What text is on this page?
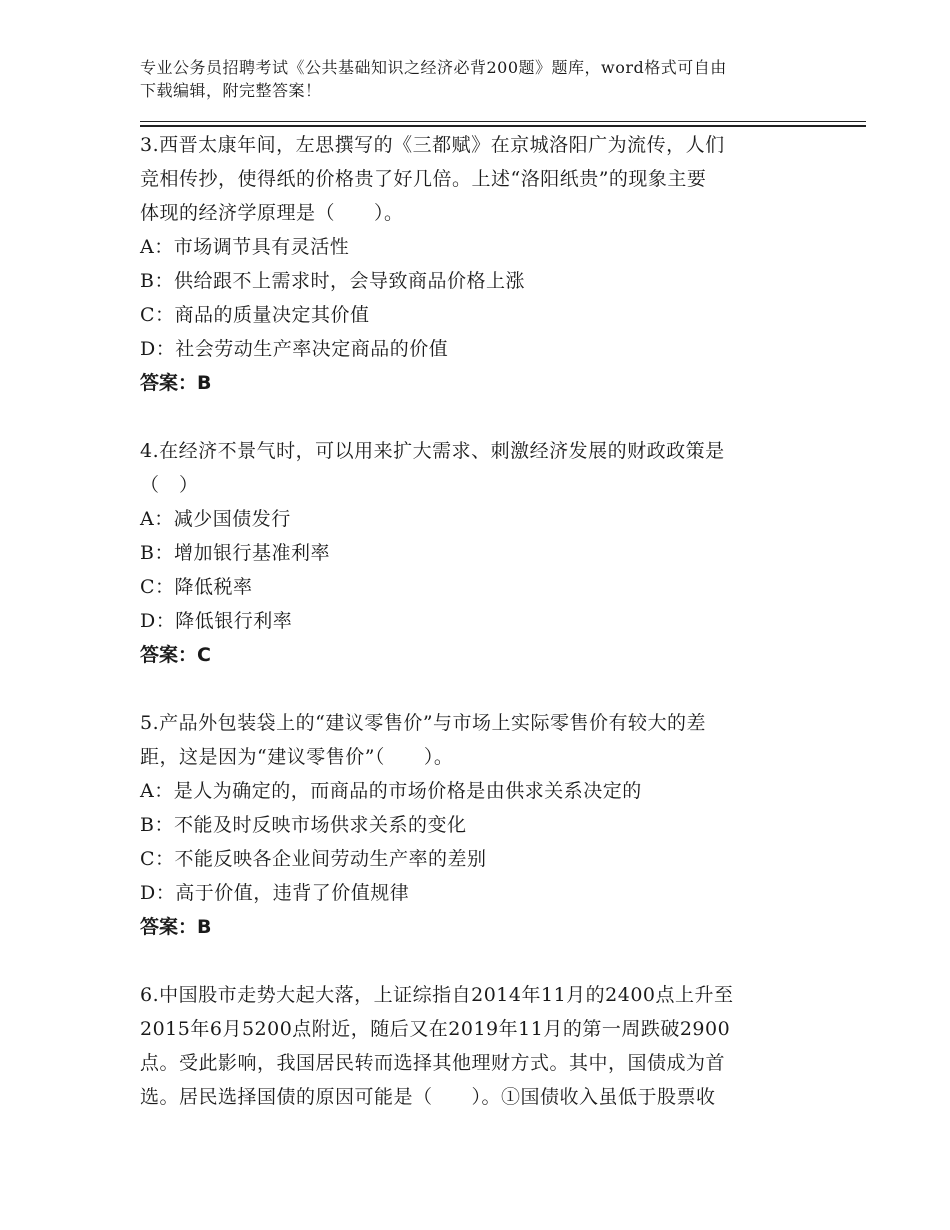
专业公务员招聘考试《公共基础知识之经济必背200题》题库，word格式可自由
下载编辑，附完整答案！
3.西晋太康年间，左思撰写的《三都赋》在京城洛阳广为流传，人们
竞相传抄，使得纸的价格贵了好几倍。上述“洛阳纸贵”的现象主要
体现的经济学原理是（　　）。
A：市场调节具有灵活性
B：供给跟不上需求时，会导致商品价格上涨
C：商品的质量决定其价值
D：社会劳动生产率决定商品的价值
答案：B
4.在经济不景气时，可以用来扩大需求、刺激经济发展的财政政策是
（　）
A：减少国债发行
B：增加银行基准利率
C：降低税率
D：降低银行利率
答案：C
5.产品外包装袋上的“建议零售价”与市场上实际零售价有较大的差
距，这是因为“建议零售价”（　　）。
A：是人为确定的，而商品的市场价格是由供求关系决定的
B：不能及时反映市场供求关系的变化
C：不能反映各企业间劳动生产率的差别
D：高于价值，违背了价值规律
答案：B
6.中国股市走势大起大落，上证综指自2014年11月的2400点上升至
2015年6月5200点附近，随后又在2019年11月的第一周跌破2900
点。受此影响，我国居民转而选择其他理财方式。其中，国债成为首
选。居民选择国债的原因可能是（　　）。①国债收入虽低于股票收
